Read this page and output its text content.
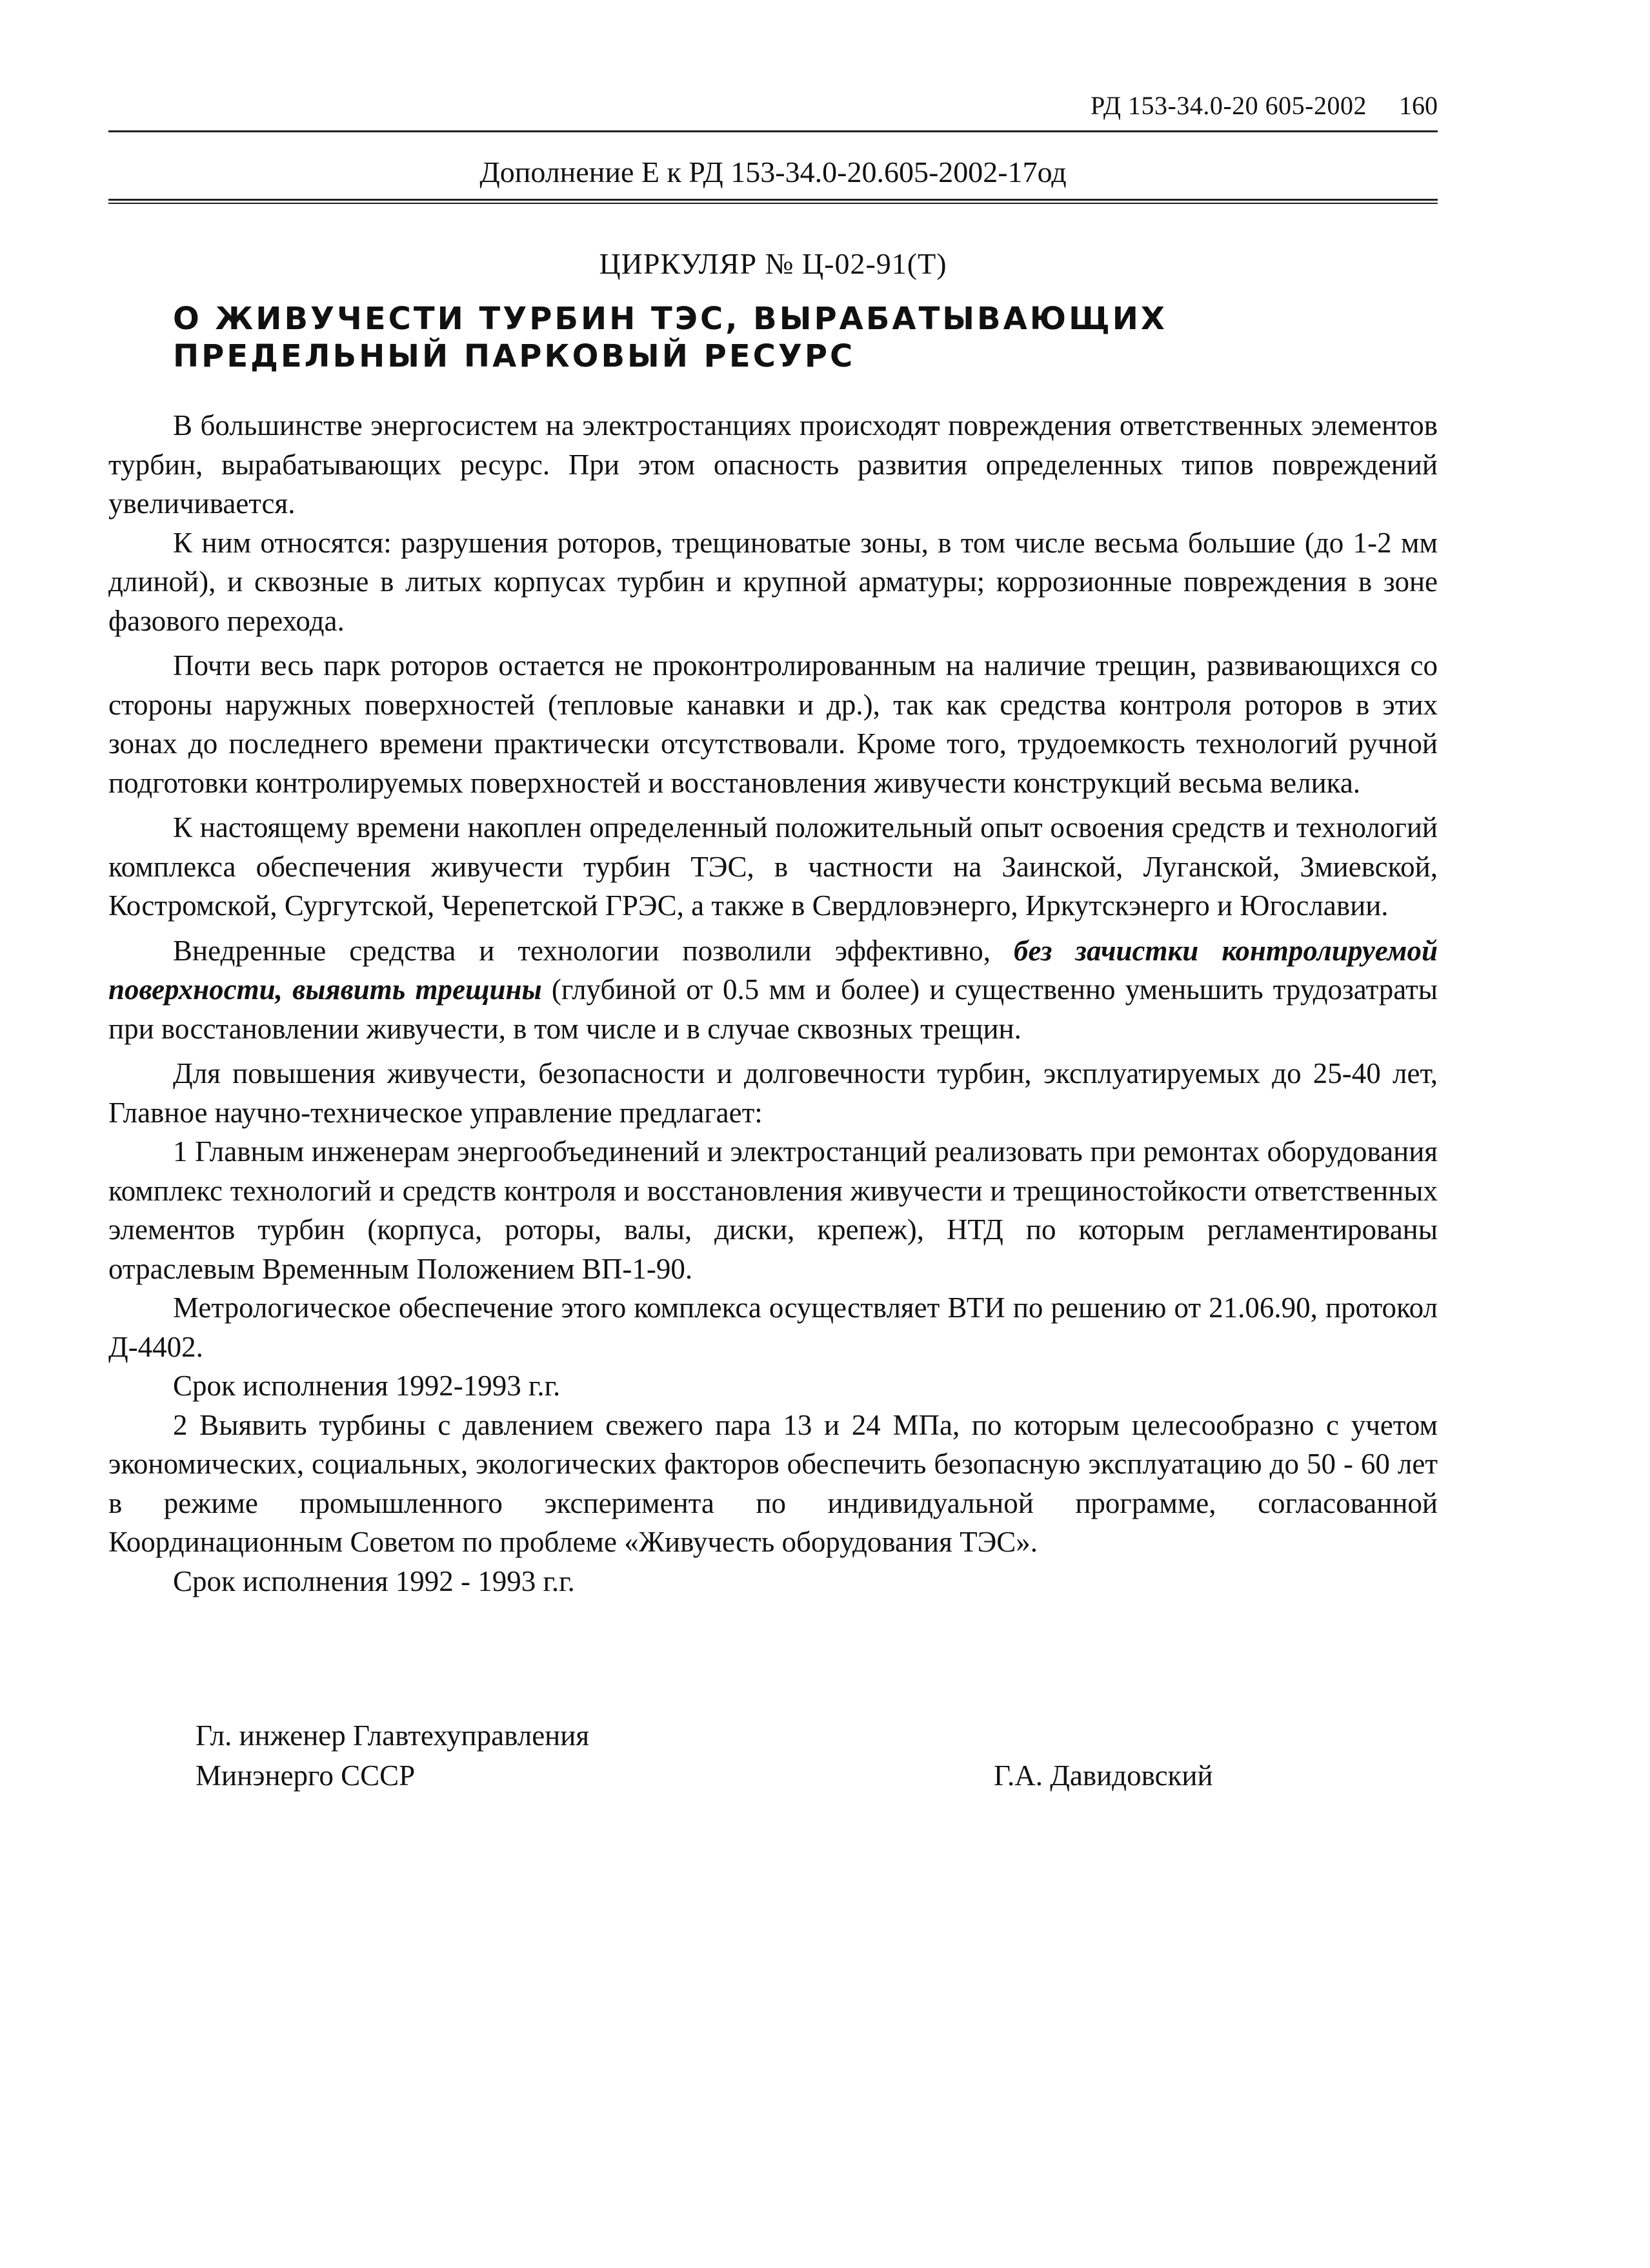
РД 153-34.0-20 605-2002 160
Дополнение Е к РД 153-34.0-20.605-2002-17од
ЦИРКУЛЯР № Ц-02-91(Т)
О ЖИВУЧЕСТИ ТУРБИН ТЭС, ВЫРАБАТЫВАЮЩИХ ПРЕДЕЛЬНЫЙ ПАРКОВЫЙ РЕСУРС

В большинстве энергосистем на электростанциях происходят повреждения ответственных элементов турбин, вырабатывающих ресурс. При этом опасность развития определенных типов повреждений увеличивается.

К ним относятся: разрушения роторов, трещиноватые зоны, в том числе весьма большие (до 1-2 мм длиной), и сквозные в литых корпусах турбин и крупной арматуры; коррозионные повреждения в зоне фазового перехода.

Почти весь парк роторов остается не проконтролированным на наличие трещин, развивающихся со стороны наружных поверхностей (тепловые канавки и др.), так как средства контроля роторов в этих зонах до последнего времени практически отсутствовали. Кроме того, трудоемкость технологий ручной подготовки контролируемых поверхностей и восстановления живучести конструкций весьма велика.

К настоящему времени накоплен определенный положительный опыт освоения средств и технологий комплекса обеспечения живучести турбин ТЭС, в частности на Заинской, Луганской, Змиевской, Костромской, Сургутской, Черепетской ГРЭС, а также в Свердловэнерго, Иркутскэнерго и Югославии.

Внедренные средства и технологии позволили эффективно, без зачистки контролируемой поверхности, выявить трещины (глубиной от 0.5 мм и более) и существенно уменьшить трудозатраты при восстановлении живучести, в том числе и в случае сквозных трещин.

Для повышения живучести, безопасности и долговечности турбин, эксплуатируемых до 25-40 лет, Главное научно-техническое управление предлагает:

1 Главным инженерам энергообъединений и электростанций реализовать при ремонтах оборудования комплекс технологий и средств контроля и восстановления живучести и трещиностойкости ответственных элементов турбин (корпуса, роторы, валы, диски, крепеж), НТД по которым регламентированы отраслевым Временным Положением ВП-1-90.

Метрологическое обеспечение этого комплекса осуществляет ВТИ по решению от 21.06.90, протокол Д-4402.

Срок исполнения 1992-1993 г.г.

2 Выявить турбины с давлением свежего пара 13 и 24 МПа, по которым целесообразно с учетом экономических, социальных, экологических факторов обеспечить безопасную эксплуатацию до 50 - 60 лет в режиме промышленного эксперимента по индивидуальной программе, согласованной Координационным Советом по проблеме «Живучесть оборудования ТЭС».

Срок исполнения 1992 - 1993 г.г.

Гл. инженер Главтехуправления
Минэнерго СССР	Г.А. Давидовский
